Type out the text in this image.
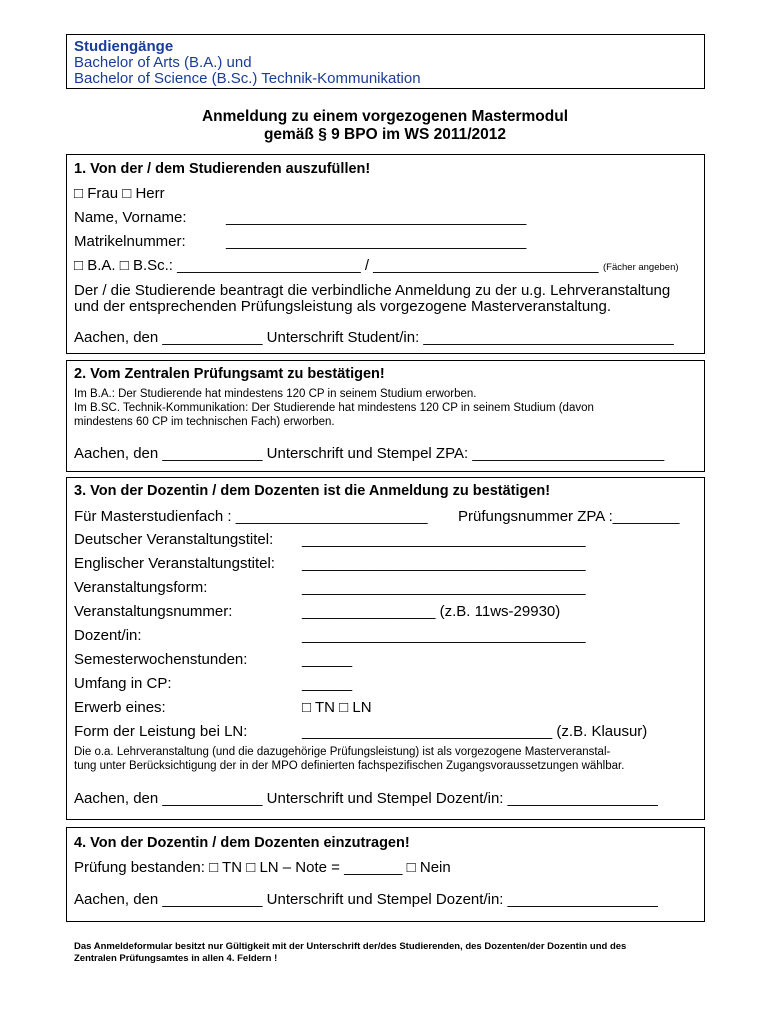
Studiengänge
Bachelor of Arts (B.A.) und
Bachelor of Science (B.Sc.) Technik-Kommunikation
Anmeldung zu einem vorgezogenen Mastermodul
gemäß § 9 BPO im WS 2011/2012
1. Von der / dem Studierenden auszufüllen!
□ Frau □ Herr
Name, Vorname:	____________________________________
Matrikelnummer:	____________________________________
□ B.A. □ B.Sc.: ______________________ / ___________________________ (Fächer angeben)
Der / die Studierende beantragt die verbindliche Anmeldung zu der u.g. Lehrveranstaltung
und der entsprechenden Prüfungsleistung als vorgezogene Masterveranstaltung.
Aachen, den ____________ Unterschrift Student/in: ______________________________
2. Vom Zentralen Prüfungsamt zu bestätigen!
Im B.A.: Der Studierende hat mindestens 120 CP in seinem Studium erworben.
Im B.SC. Technik-Kommunikation: Der Studierende hat mindestens 120 CP in seinem Studium (davon
mindestens 60 CP im technischen Fach) erworben.
Aachen, den ____________ Unterschrift und Stempel ZPA: _______________________
3. Von der Dozentin / dem Dozenten ist die Anmeldung zu bestätigen!
Für Masterstudienfach : _______________________ Prüfungsnummer ZPA :________
Deutscher Veranstaltungstitel: __________________________________
Englischer Veranstaltungstitel: __________________________________
Veranstaltungsform:	__________________________________
Veranstaltungsnummer:	________________ (z.B. 11ws-29930)
Dozent/in:	__________________________________
Semesterwochenstunden:	______
Umfang in CP:	______
Erwerb eines:	□ TN □ LN
Form der Leistung bei LN:	______________________________ (z.B. Klausur)
Die o.a. Lehrveranstaltung (und die dazugehörige Prüfungsleistung) ist als vorgezogene Masterveranstal-
tung unter Berücksichtigung der in der MPO definierten fachspezifischen Zugangsvoraussetzungen wählbar.
Aachen, den ____________ Unterschrift und Stempel Dozent/in: __________________
4. Von der Dozentin / dem Dozenten einzutragen!
Prüfung bestanden: □ TN □ LN – Note = _______ □ Nein
Aachen, den ____________ Unterschrift und Stempel Dozent/in: __________________
Das Anmeldeformular besitzt nur Gültigkeit mit der Unterschrift der/des Studierenden, des Dozenten/der Dozentin und des
Zentralen Prüfungsamtes in allen 4. Feldern !
